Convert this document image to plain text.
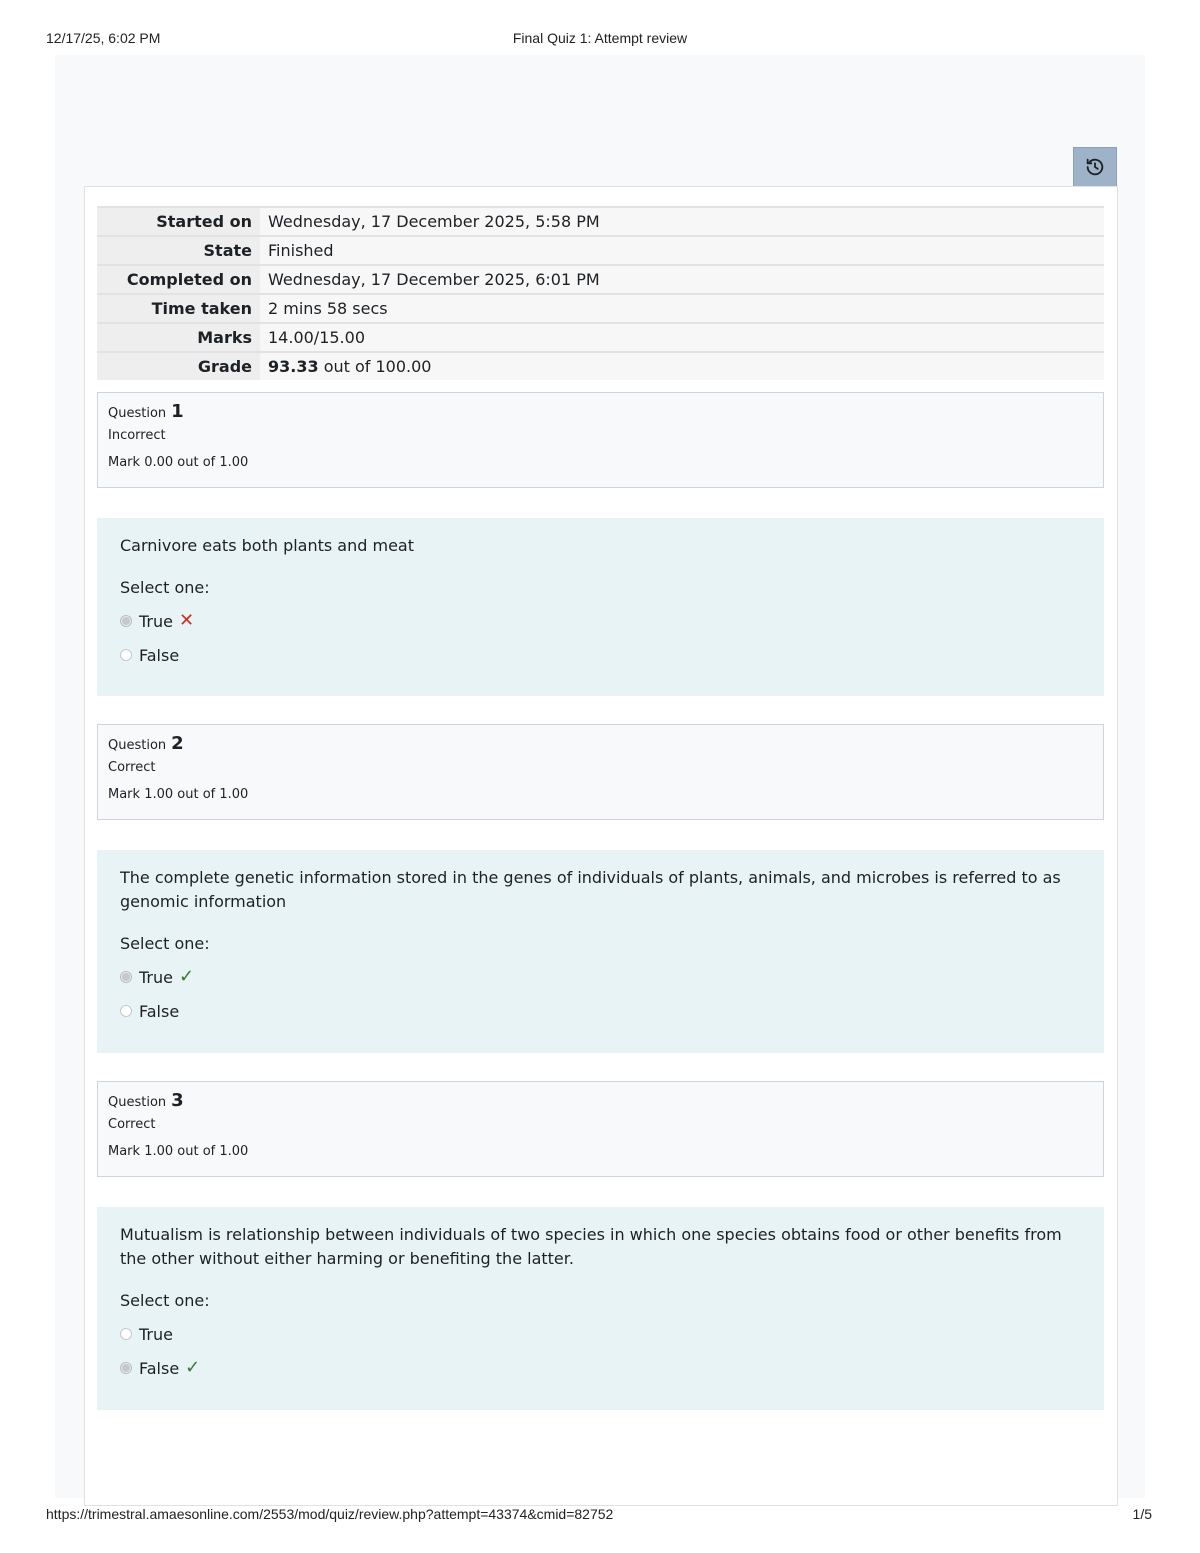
12/17/25, 6:02 PM	Final Quiz 1: Attempt review
Started on	Wednesday, 17 December 2025, 5:58 PM
State	Finished
Completed on	Wednesday, 17 December 2025, 6:01 PM
Time taken	2 mins 58 secs
Marks	14.00/15.00
Grade	93.33 out of 100.00
Question 1
Incorrect
Mark 0.00 out of 1.00
Carnivore eats both plants and meat
Select one:
True ✕
False
Question 2
Correct
Mark 1.00 out of 1.00
The complete genetic information stored in the genes of individuals of plants, animals, and microbes is referred to as genomic information
Select one:
True ✓
False
Question 3
Correct
Mark 1.00 out of 1.00
Mutualism is relationship between individuals of two species in which one species obtains food or other benefits from the other without either harming or benefiting the latter.
Select one:
True
False ✓
https://trimestral.amaesonline.com/2553/mod/quiz/review.php?attempt=43374&cmid=82752	1/5
